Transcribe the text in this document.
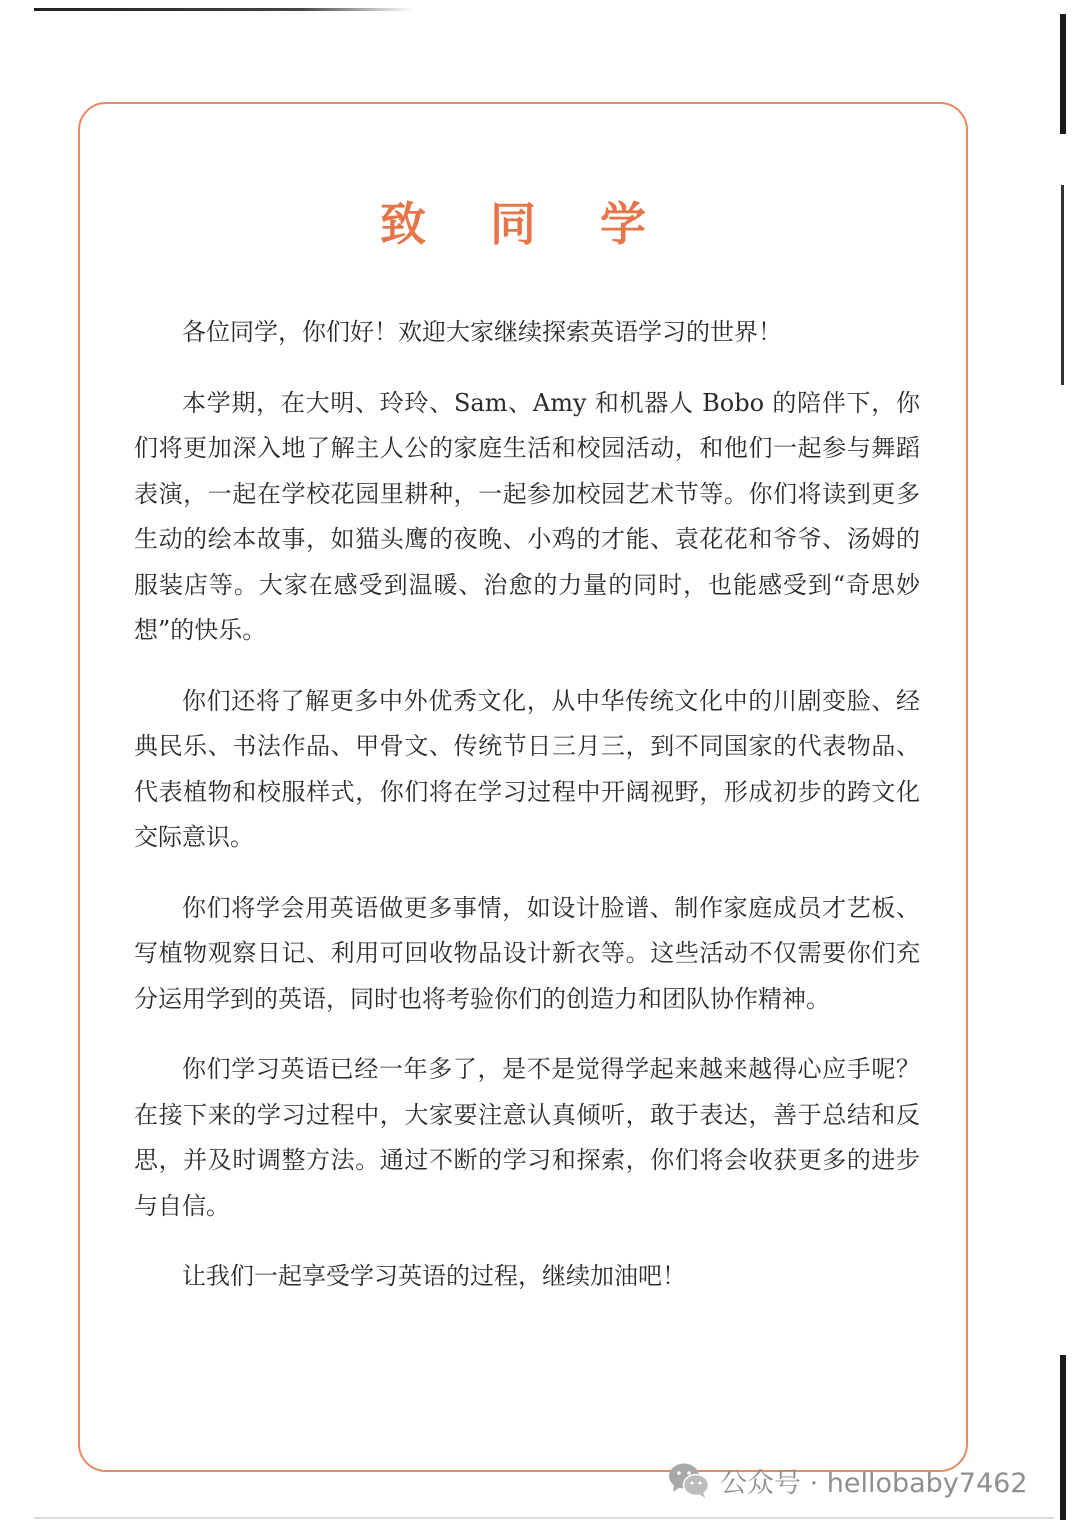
致 同 学

各位同学，你们好！欢迎大家继续探索英语学习的世界！

本学期，在大明、玲玲、Sam、Amy 和机器人 Bobo 的陪伴下，你们将更加深入地了解主人公的家庭生活和校园活动，和他们一起参与舞蹈表演，一起在学校花园里耕种，一起参加校园艺术节等。你们将读到更多生动的绘本故事，如猫头鹰的夜晚、小鸡的才能、袁花花和爷爷、汤姆的服装店等。大家在感受到温暖、治愈的力量的同时，也能感受到“奇思妙想”的快乐。

你们还将了解更多中外优秀文化，从中华传统文化中的川剧变脸、经典民乐、书法作品、甲骨文、传统节日三月三，到不同国家的代表物品、代表植物和校服样式，你们将在学习过程中开阔视野，形成初步的跨文化交际意识。

你们将学会用英语做更多事情，如设计脸谱、制作家庭成员才艺板、写植物观察日记、利用可回收物品设计新衣等。这些活动不仅需要你们充分运用学到的英语，同时也将考验你们的创造力和团队协作精神。

你们学习英语已经一年多了，是不是觉得学起来越来越得心应手呢？在接下来的学习过程中，大家要注意认真倾听，敢于表达，善于总结和反思，并及时调整方法。通过不断的学习和探索，你们将会收获更多的进步与自信。

让我们一起享受学习英语的过程，继续加油吧！

公众号 · hellobaby7462
